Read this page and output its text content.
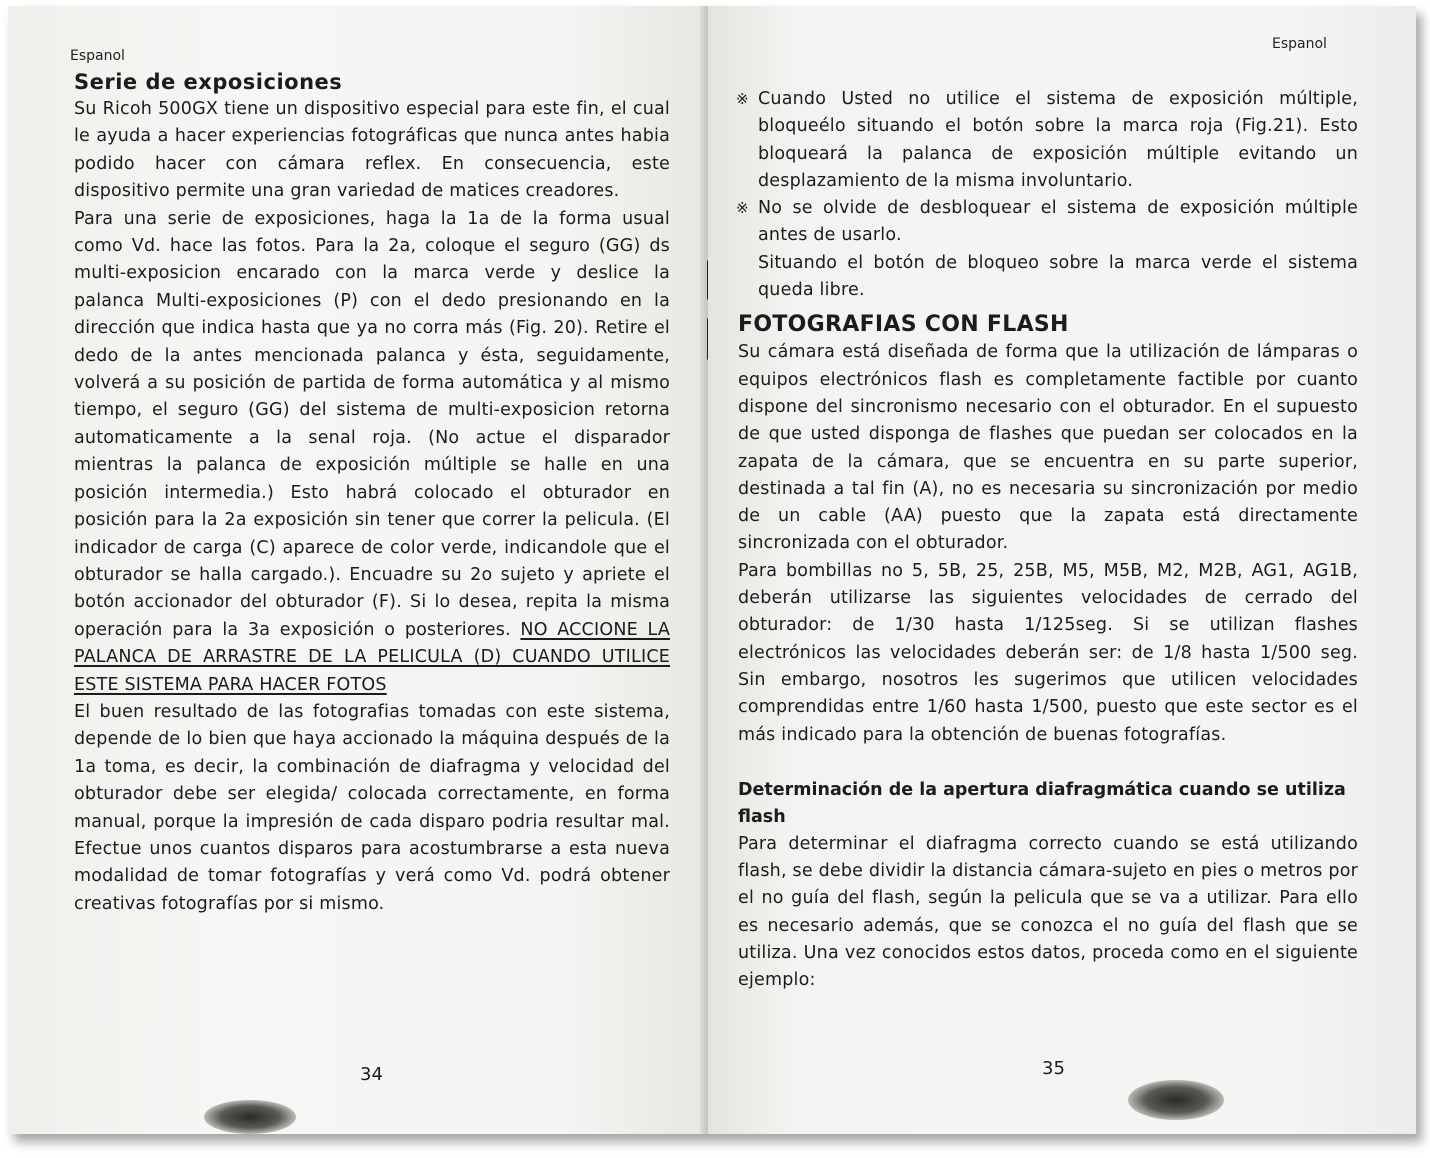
Espanol
Serie de exposiciones

Su Ricoh 500GX tiene un dispositivo especial para este fin, el cual le ayuda a hacer experiencias fotográficas que nunca antes habia podido hacer con cámara reflex. En consecuencia, este dispositivo permite una gran variedad de matices creadores.

Para una serie de exposiciones, haga la 1a de la forma usual como Vd. hace las fotos. Para la 2a, coloque el seguro (GG) ds multi-exposicion encarado con la marca verde y deslice la palanca Multi-exposiciones (P) con el dedo presionando en la dirección que indica hasta que ya no corra más (Fig. 20). Retire el dedo de la antes mencionada palanca y ésta, seguidamente, volverá a su posición de partida de forma automática y al mismo tiempo, el seguro (GG) del sistema de multi-exposicion retorna automaticamente a la senal roja. (No actue el disparador mientras la palanca de exposición múltiple se halle en una posición intermedia.) Esto habrá colocado el obturador en posición para la 2a exposición sin tener que correr la pelicula. (El indicador de carga (C) aparece de color verde, indicandole que el obturador se halla cargado.). Encuadre su 2o sujeto y apriete el botón accionador del obturador (F). Si lo desea, repita la misma operación para la 3a exposición o posteriores. NO ACCIONE LA PALANCA DE ARRASTRE DE LA PELICULA (D) CUANDO UTILICE ESTE SISTEMA PARA HACER FOTOS

El buen resultado de las fotografias tomadas con este sistema, depende de lo bien que haya accionado la máquina después de la 1a toma, es decir, la combinación de diafragma y velocidad del obturador debe ser elegida/ colocada correctamente, en forma manual, porque la impresión de cada disparo podria resultar mal. Efectue unos cuantos disparos para acostumbrarse a esta nueva modalidad de tomar fotografías y verá como Vd. podrá obtener creativas fotografías por si mismo.

34
Espanol

※ Cuando Usted no utilice el sistema de exposición múltiple, bloqueélo situando el botón sobre la marca roja (Fig.21). Esto bloqueará la palanca de exposición múltiple evitando un desplazamiento de la misma involuntario.

※ No se olvide de desbloquear el sistema de exposición múltiple antes de usarlo.

Situando el botón de bloqueo sobre la marca verde el sistema queda libre.

FOTOGRAFIAS CON FLASH

Su cámara está diseñada de forma que la utilización de lámparas o equipos electrónicos flash es completamente factible por cuanto dispone del sincronismo necesario con el obturador. En el supuesto de que usted disponga de flashes que puedan ser colocados en la zapata de la cámara, que se encuentra en su parte superior, destinada a tal fin (A), no es necesaria su sincronización por medio de un cable (AA) puesto que la zapata está directamente sincronizada con el obturador.

Para bombillas no 5, 5B, 25, 25B, M5, M5B, M2, M2B, AG1, AG1B, deberán utilizarse las siguientes velocidades de cerrado del obturador: de 1/30 hasta 1/125seg. Si se utilizan flashes electrónicos las velocidades deberán ser: de 1/8 hasta 1/500 seg. Sin embargo, nosotros les sugerimos que utilicen velocidades comprendidas entre 1/60 hasta 1/500, puesto que este sector es el más indicado para la obtención de buenas fotografías.

Determinación de la apertura diafragmática cuando se utiliza flash

Para determinar el diafragma correcto cuando se está utilizando flash, se debe dividir la distancia cámara-sujeto en pies o metros por el no guía del flash, según la pelicula que se va a utilizar. Para ello es necesario además, que se conozca el no guía del flash que se utiliza. Una vez conocidos estos datos, proceda como en el siguiente ejemplo:

35
